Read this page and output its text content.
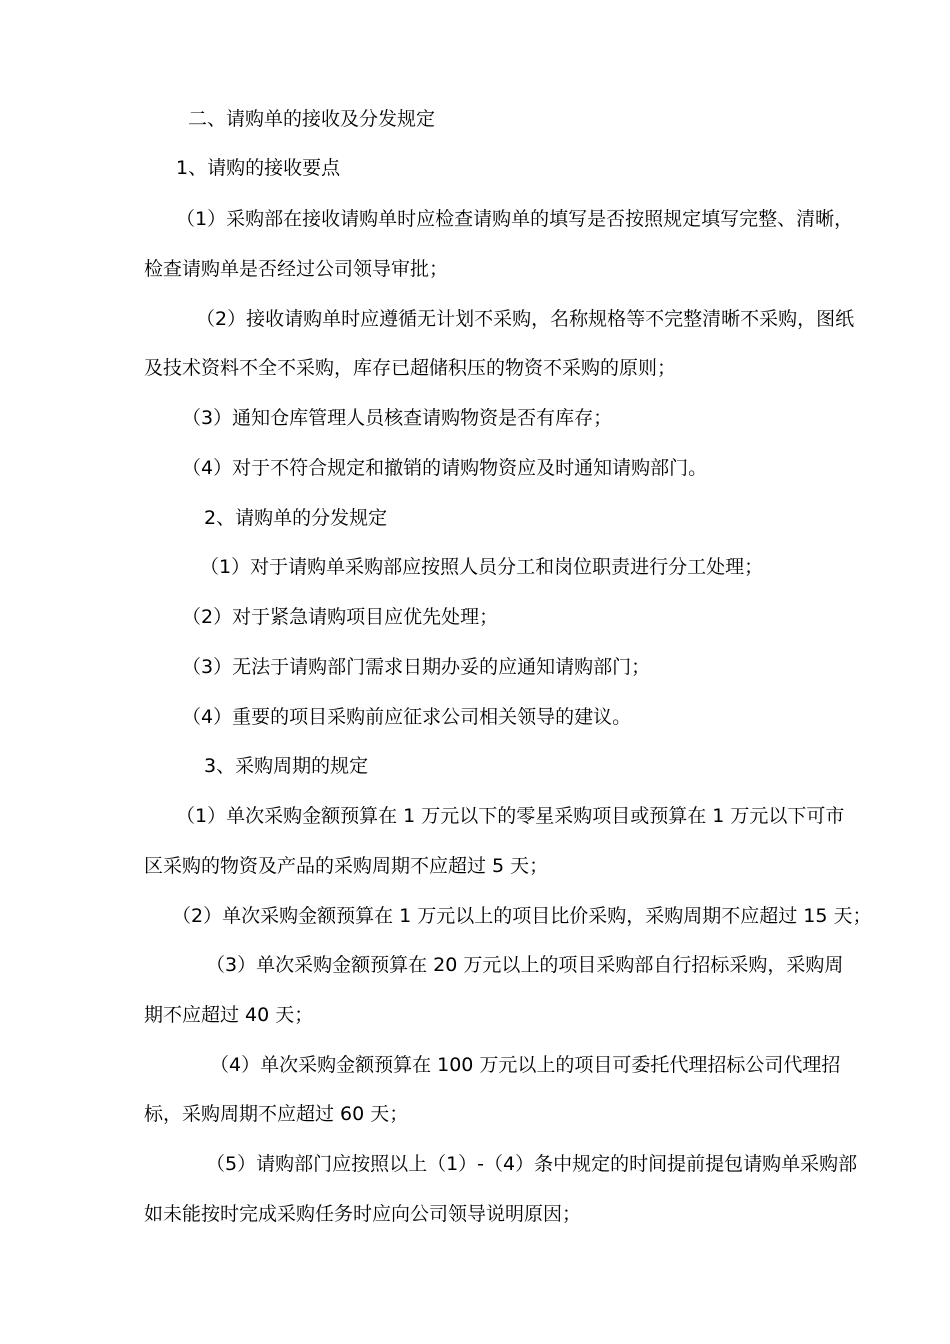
二、请购单的接收及分发规定
1、请购的接收要点
（1）采购部在接收请购单时应检查请购单的填写是否按照规定填写完整、清晰，
检查请购单是否经过公司领导审批；
（2）接收请购单时应遵循无计划不采购，名称规格等不完整清晰不采购，图纸
及技术资料不全不采购，库存已超储积压的物资不采购的原则；
（3）通知仓库管理人员核查请购物资是否有库存；
（4）对于不符合规定和撤销的请购物资应及时通知请购部门。
2、请购单的分发规定
（1）对于请购单采购部应按照人员分工和岗位职责进行分工处理；
（2）对于紧急请购项目应优先处理；
（3）无法于请购部门需求日期办妥的应通知请购部门；
（4）重要的项目采购前应征求公司相关领导的建议。
3、采购周期的规定
（1）单次采购金额预算在 1 万元以下的零星采购项目或预算在 1 万元以下可市
区采购的物资及产品的采购周期不应超过 5 天；
（2）单次采购金额预算在 1 万元以上的项目比价采购，采购周期不应超过 15 天；
（3）单次采购金额预算在 20 万元以上的项目采购部自行招标采购，采购周
期不应超过 40 天；
（4）单次采购金额预算在 100 万元以上的项目可委托代理招标公司代理招
标，采购周期不应超过 60 天；
（5）请购部门应按照以上（1）-（4）条中规定的时间提前提包请购单采购部
如未能按时完成采购任务时应向公司领导说明原因；
